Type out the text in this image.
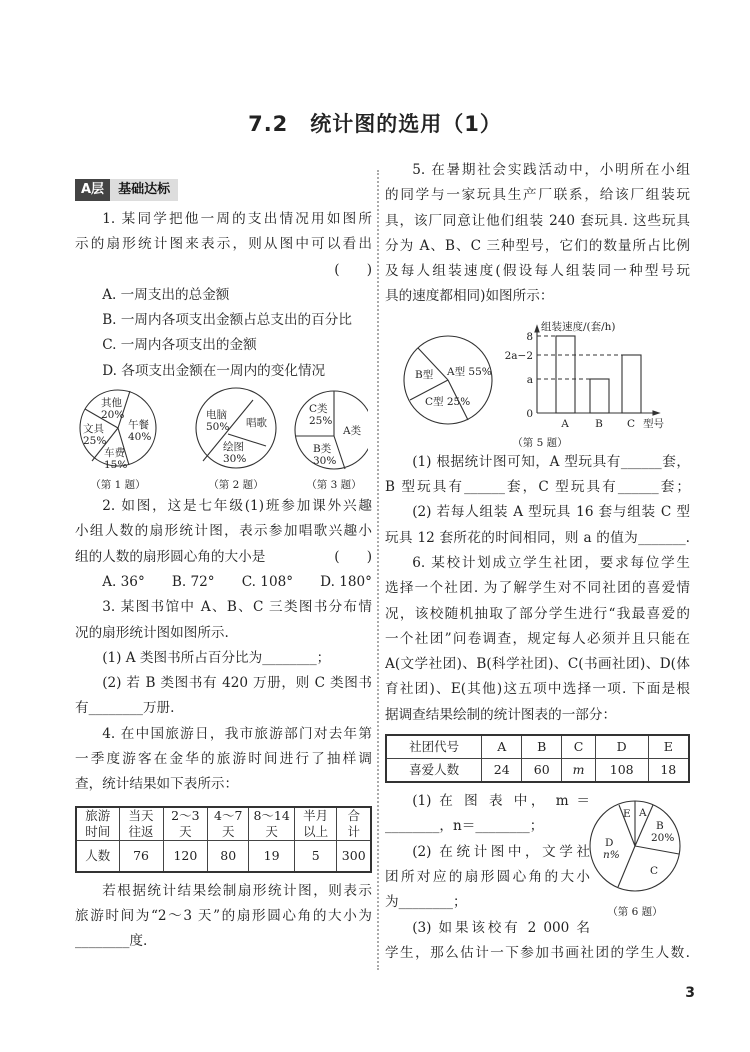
7.2　统计图的选用（1）
A层	基础达标
1. 某同学把他一周的支出情况用如图所
示的扇形统计图来表示，则从图中可以看出
(　　)
A. 一周支出的总金额
B. 一周内各项支出金额占总支出的百分比
C. 一周内各项支出的金额
D. 各项支出金额在一周内的变化情况
其他
20%
文具
25%
午餐
40%
车费
15%
（第 1 题）
电脑
50% 唱歌
绘图
30%
（第 2 题）
C类
25%
A类
B类
30%
（第 3 题）
2. 如图，这是七年级(1)班参加课外兴趣
小组人数的扇形统计图，表示参加唱歌兴趣小
组的人数的扇形圆心角的大小是	(　　)
A. 36° B. 72° C. 108° D. 180°
3. 某图书馆中 A、B、C 三类图书分布情
况的扇形统计图如图所示.
(1) A 类图书所占百分比为________；
(2) 若 B 类图书有 420 万册，则 C 类图书
有________万册.
4. 在中国旅游日，我市旅游部门对去年第
一季度游客在金华的旅游时间进行了抽样调
查，统计结果如下表所示：
旅游时间	当天往返	2～3 天	4～7 天	8～14 天	半月以上	合计
人数	76	120	80	19	5	300
若根据统计结果绘制扇形统计图，则表示
旅游时间为“2～3 天”的扇形圆心角的大小为
________度.
5. 在暑期社会实践活动中，小明所在小组
的同学与一家玩具生产厂联系，给该厂组装玩
具，该厂同意让他们组装 240 套玩具. 这些玩具
分为 A、B、C 三种型号，它们的数量所占比例
及每人组装速度(假设每人组装同一种型号玩
具的速度都相同)如图所示：
B型 A型 55%
C型 25%
组装速度/(套/h)
8
2a−2
a
0
A	B C 型号
（第 5 题）
(1) 根据统计图可知，A 型玩具有______套，
B 型玩具有______套，C 型玩具有______套；
(2) 若每人组装 A 型玩具 16 套与组装 C 型
玩具 12 套所花的时间相同，则 a 的值为_______.
6. 某校计划成立学生社团，要求每位学生
选择一个社团. 为了解学生对不同社团的喜爱情
况，该校随机抽取了部分学生进行“我最喜爱的
一个社团”问卷调查，规定每人必须并且只能在
A(文学社团)、B(科学社团)、C(书画社团)、D(体
育社团)、E(其他)这五项中选择一项. 下面是根
据调查结果绘制的统计图表的一部分：
社团代号	A	B	C	D	E
喜爱人数	24	60	m	108	18
(1) 在 图 表 中， m ＝
________，n＝________；
(2) 在统计图中，文学社
团所对应的扇形圆心角的大小
为________；
(3) 如果该校有 2 000 名
学生，那么估计一下参加书画社团的学生人数.
E A
B
20%
D
n%
C
（第 6 题）
3
